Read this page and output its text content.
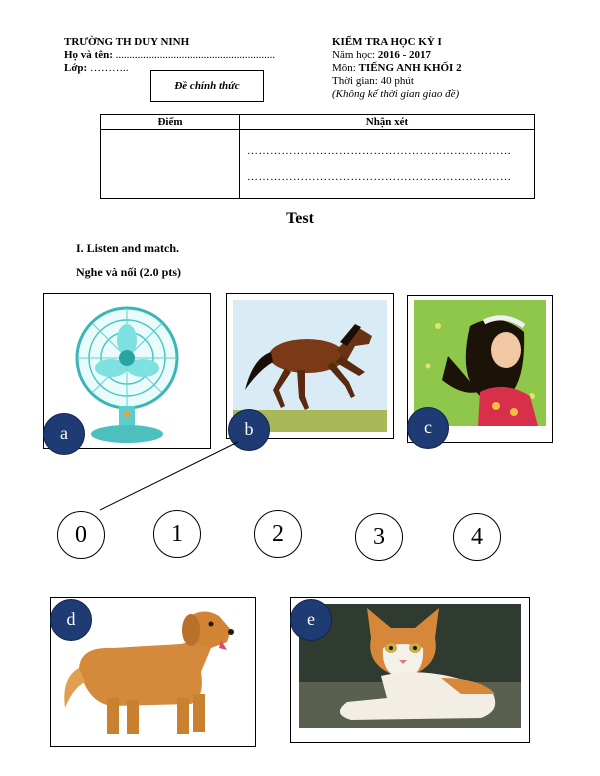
TRƯỜNG TH DUY NINH
Họ và tên: ..........................................................
Lớp: ………..
Đề chính thức
KIỂM TRA HỌC KỲ I
Năm học: 2016 - 2017
Môn: TIẾNG ANH KHỐI 2
Thời gian: 40 phút
(Không kể thời gian giao đề)
Điểm	Nhận xét

	……………………………………………………………
……………………………………………………………
Test
I. Listen and match.
Nghe và nối (2.0 pts)
a	b	c
0	1	2	3	4
d	e
